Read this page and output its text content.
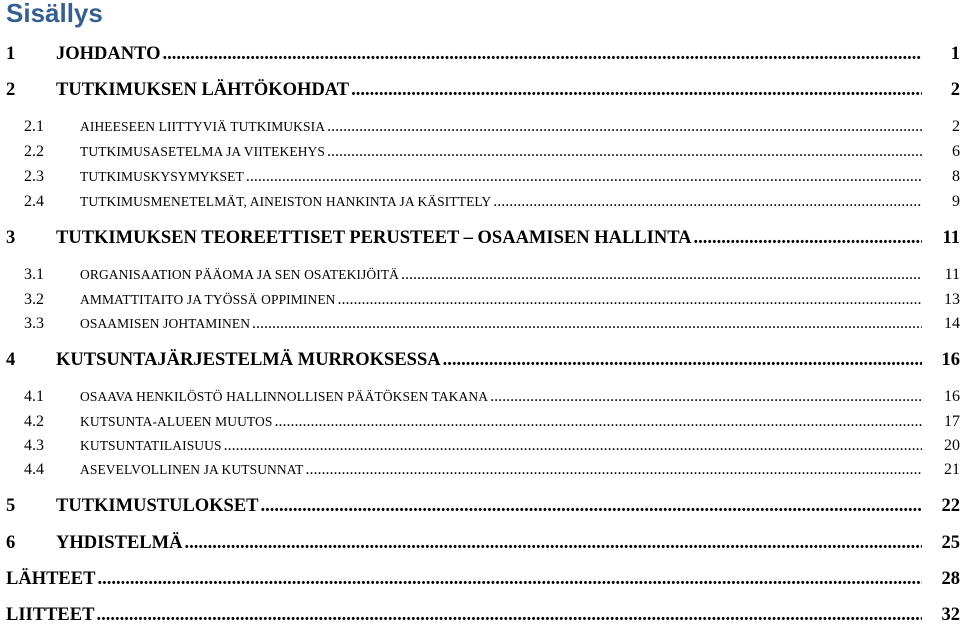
Sisällys
1	JOHDANTO .....	1
2	TUTKIMUKSEN LÄHTÖKOHDAT .....	2
2.1	AIHEESEEN LIITTYVIÄ TUTKIMUKSIA .....	2
2.2	TUTKIMUSASETELMA JA VIITEKEHYS .....	6
2.3	TUTKIMUSKYSYMYKSET .....	8
2.4	TUTKIMUSMENETELMÄT, AINEISTON HANKINTA JA KÄSITTELY .....	9
3	TUTKIMUKSEN TEOREETTISET PERUSTEET – OSAAMISEN HALLINTA .....	11
3.1	ORGANISAATION PÄÄOMA JA SEN OSATEKIJÖITÄ .....	11
3.2	AMMATTITAITO JA TYÖSSÄ OPPIMINEN .....	13
3.3	OSAAMISEN JOHTAMINEN .....	14
4	KUTSUNTAJÄRJESTELMÄ MURROKSESSA .....	16
4.1	OSAAVA HENKILÖSTÖ HALLINNOLLISEN PÄÄTÖKSEN TAKANA .....	16
4.2	KUTSUNTA-ALUEEN MUUTOS .....	17
4.3	KUTSUNTATILAISUUS .....	20
4.4	ASEVELVOLLINEN JA KUTSUNNAT .....	21
5	TUTKIMUSTULOKSET .....	22
6	YHDISTELMÄ .....	25
LÄHTEET .....	28
LIITTEET .....	32
